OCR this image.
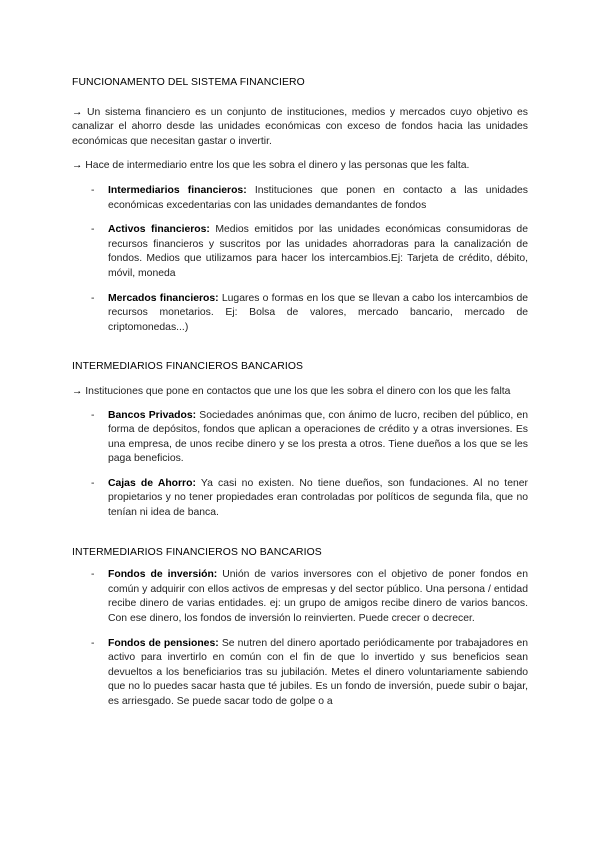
FUNCIONAMENTO DEL SISTEMA FINANCIERO

→ Un sistema financiero es un conjunto de instituciones, medios y mercados cuyo objetivo es canalizar el ahorro desde las unidades económicas con exceso de fondos hacia las unidades económicas que necesitan gastar o invertir.

→ Hace de intermediario entre los que les sobra el dinero y las personas que les falta.

- Intermediarios financieros: Instituciones que ponen en contacto a las unidades económicas excedentarias con las unidades demandantes de fondos
- Activos financieros: Medios emitidos por las unidades económicas consumidoras de recursos financieros y suscritos por las unidades ahorradoras para la canalización de fondos. Medios que utilizamos para hacer los intercambios.Ej: Tarjeta de crédito, débito, móvil, moneda
- Mercados financieros: Lugares o formas en los que se llevan a cabo los intercambios de recursos monetarios. Ej: Bolsa de valores, mercado bancario, mercado de criptomonedas...)

INTERMEDIARIOS FINANCIEROS BANCARIOS

→ Instituciones que pone en contactos que une los que les sobra el dinero con los que les falta

- Bancos Privados: Sociedades anónimas que, con ánimo de lucro, reciben del público, en forma de depósitos, fondos que aplican a operaciones de crédito y a otras inversiones. Es una empresa, de unos recibe dinero y se los presta a otros. Tiene dueños a los que se les paga beneficios.
- Cajas de Ahorro: Ya casi no existen. No tiene dueños, son fundaciones. Al no tener propietarios y no tener propiedades eran controladas por políticos de segunda fila, que no tenían ni idea de banca.

INTERMEDIARIOS FINANCIEROS NO BANCARIOS

- Fondos de inversión: Unión de varios inversores con el objetivo de poner fondos en común y adquirir con ellos activos de empresas y del sector público. Una persona / entidad recibe dinero de varias entidades. ej: un grupo de amigos recibe dinero de varios bancos. Con ese dinero, los fondos de inversión lo reinvierten. Puede crecer o decrecer.
- Fondos de pensiones: Se nutren del dinero aportado periódicamente por trabajadores en activo para invertirlo en común con el fin de que lo invertido y sus beneficios sean devueltos a los beneficiarios tras su jubilación. Metes el dinero voluntariamente sabiendo que no lo puedes sacar hasta que té jubiles. Es un fondo de inversión, puede subir o bajar, es arriesgado. Se puede sacar todo de golpe o a
